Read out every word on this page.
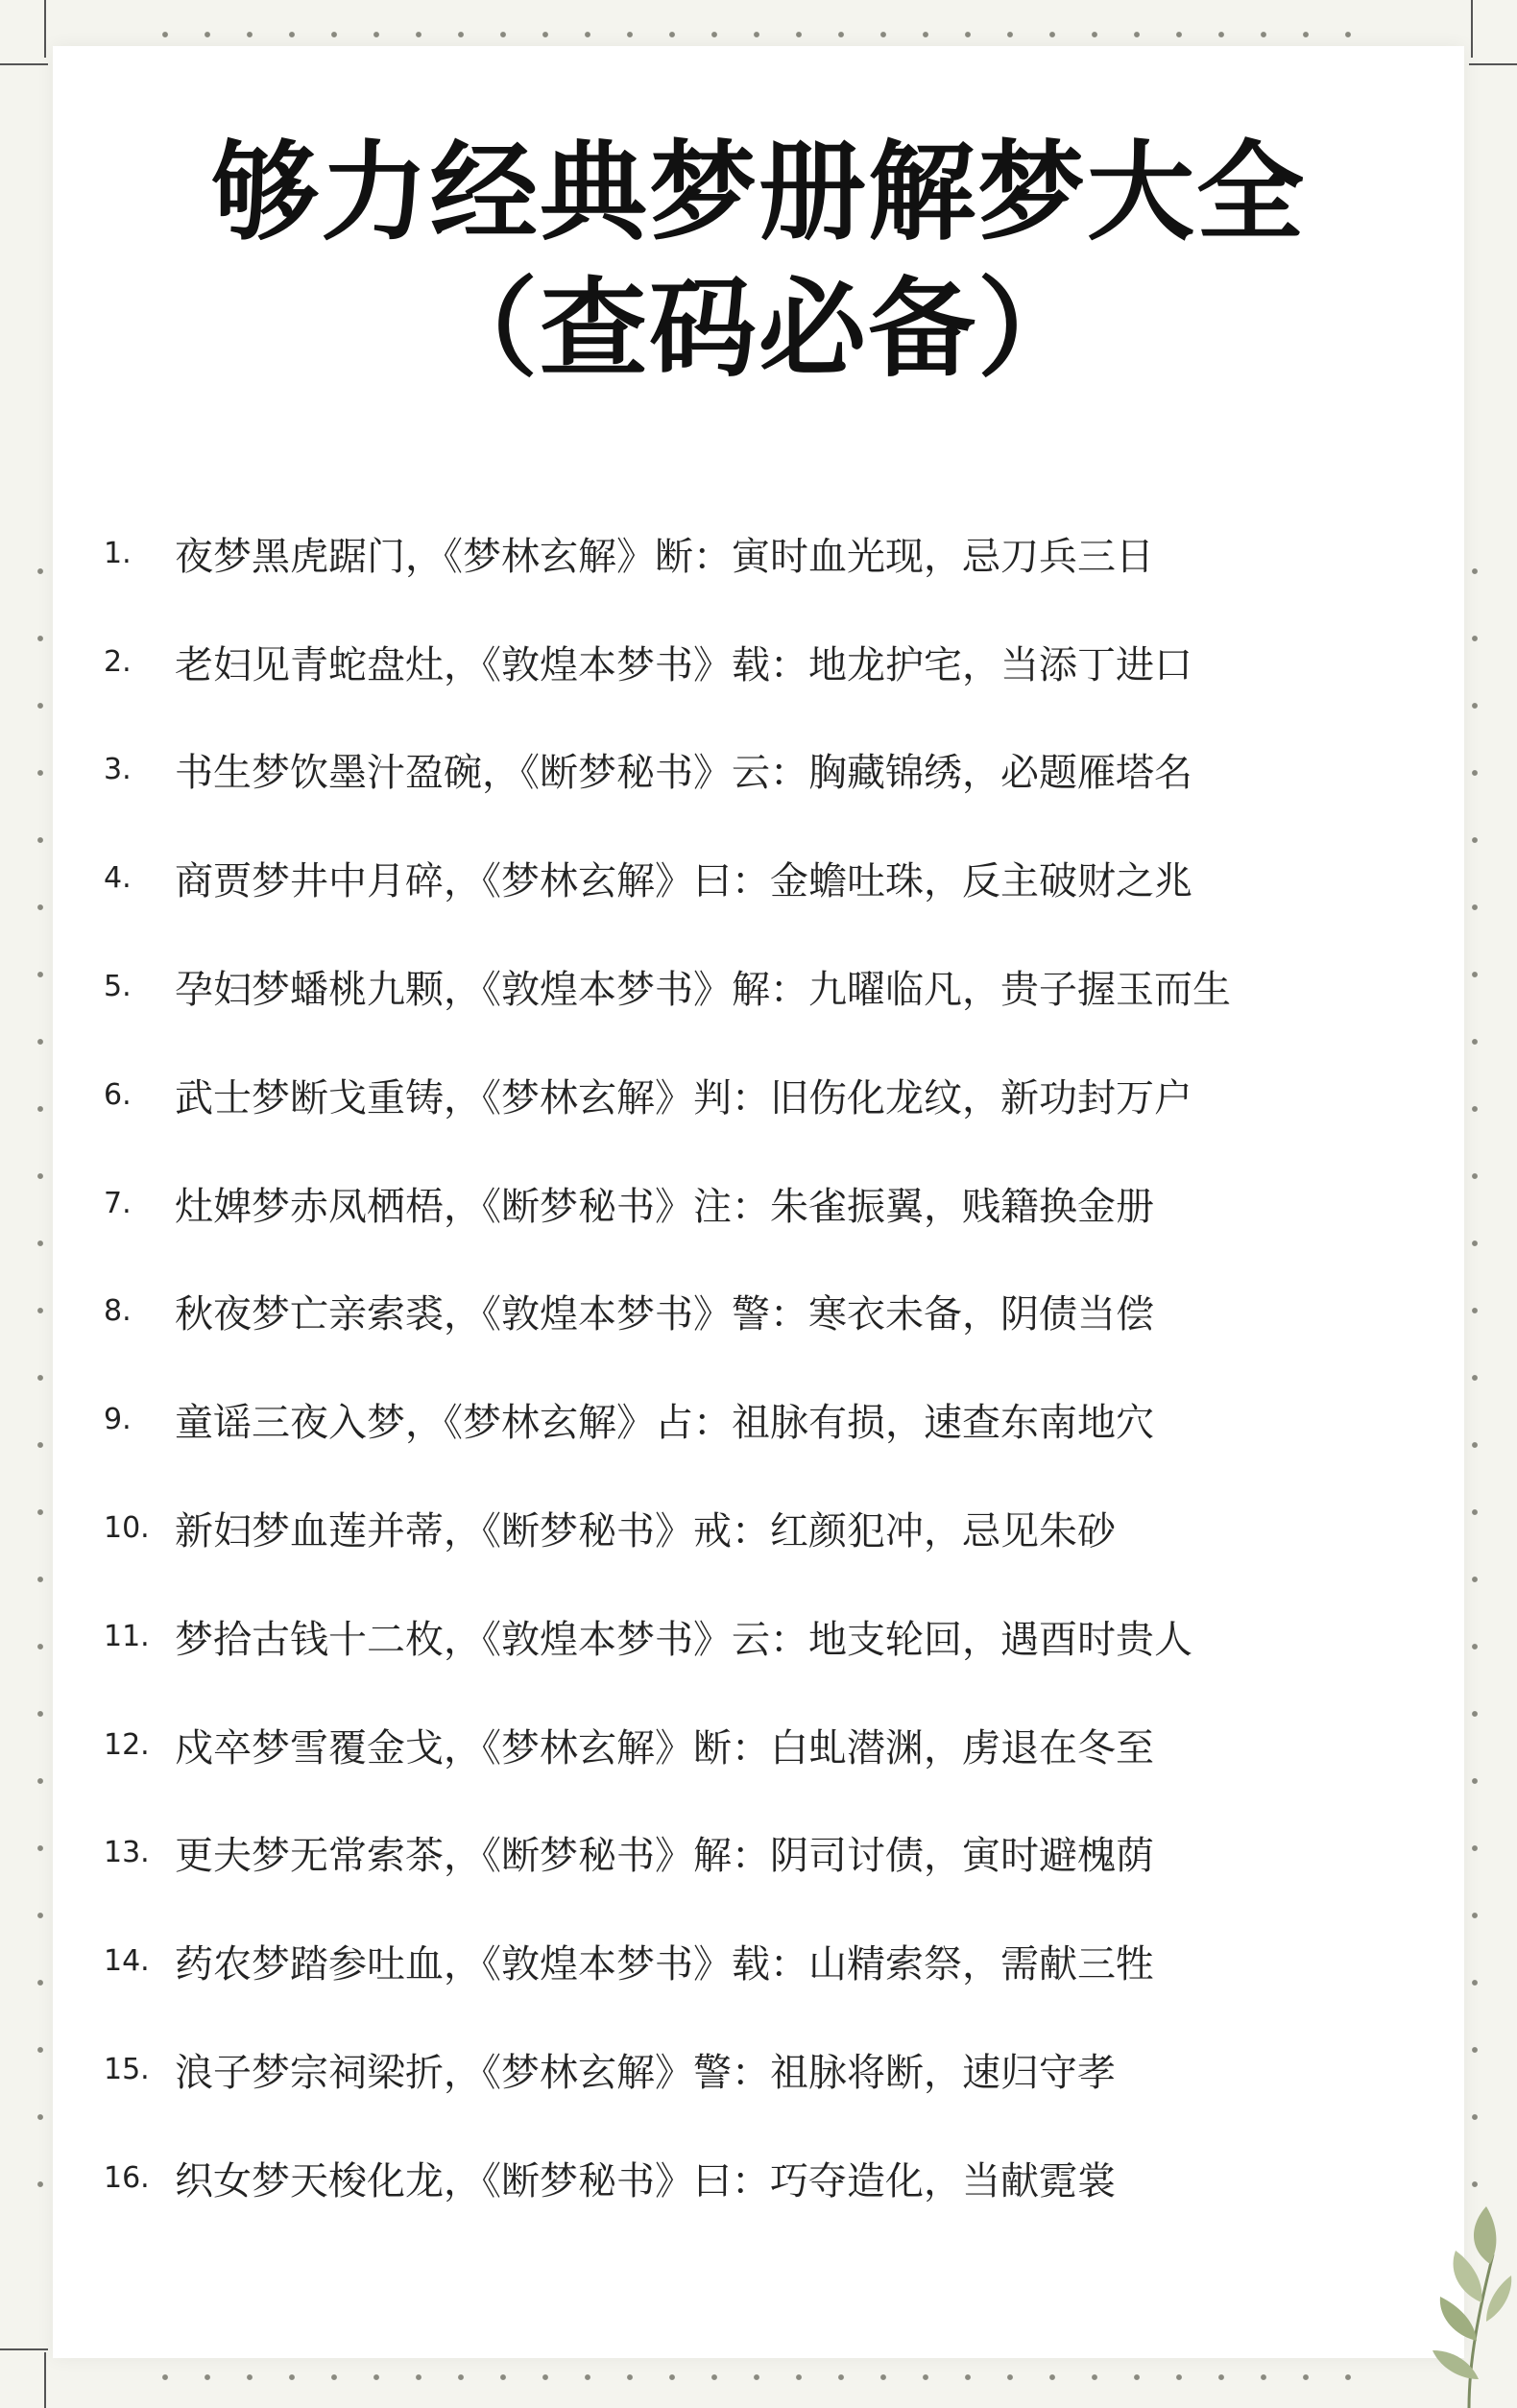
够力经典梦册解梦大全（查码必备）
1.	夜梦黑虎踞门，《梦林玄解》断：寅时血光现，忌刀兵三日
2.	老妇见青蛇盘灶，《敦煌本梦书》载：地龙护宅，当添丁进口
3.	书生梦饮墨汁盈碗，《断梦秘书》云：胸藏锦绣，必题雁塔名
4.	商贾梦井中月碎，《梦林玄解》曰：金蟾吐珠，反主破财之兆
5.	孕妇梦蟠桃九颗，《敦煌本梦书》解：九曜临凡，贵子握玉而生
6.	武士梦断戈重铸，《梦林玄解》判：旧伤化龙纹，新功封万户
7.	灶婢梦赤凤栖梧，《断梦秘书》注：朱雀振翼，贱籍换金册
8.	秋夜梦亡亲索裘，《敦煌本梦书》警：寒衣未备，阴债当偿
9.	童谣三夜入梦，《梦林玄解》占：祖脉有损，速查东南地穴
10. 新妇梦血莲并蒂，《断梦秘书》戒：红颜犯冲，忌见朱砂
11. 梦拾古钱十二枚，《敦煌本梦书》云：地支轮回，遇酉时贵人
12. 戍卒梦雪覆金戈，《梦林玄解》断：白虬潜渊，虏退在冬至
13. 更夫梦无常索茶，《断梦秘书》解：阴司讨债，寅时避槐荫
14. 药农梦踏参吐血，《敦煌本梦书》载：山精索祭，需献三牲
15. 浪子梦宗祠梁折，《梦林玄解》警：祖脉将断，速归守孝
16. 织女梦天梭化龙，《断梦秘书》曰：巧夺造化，当献霓裳
